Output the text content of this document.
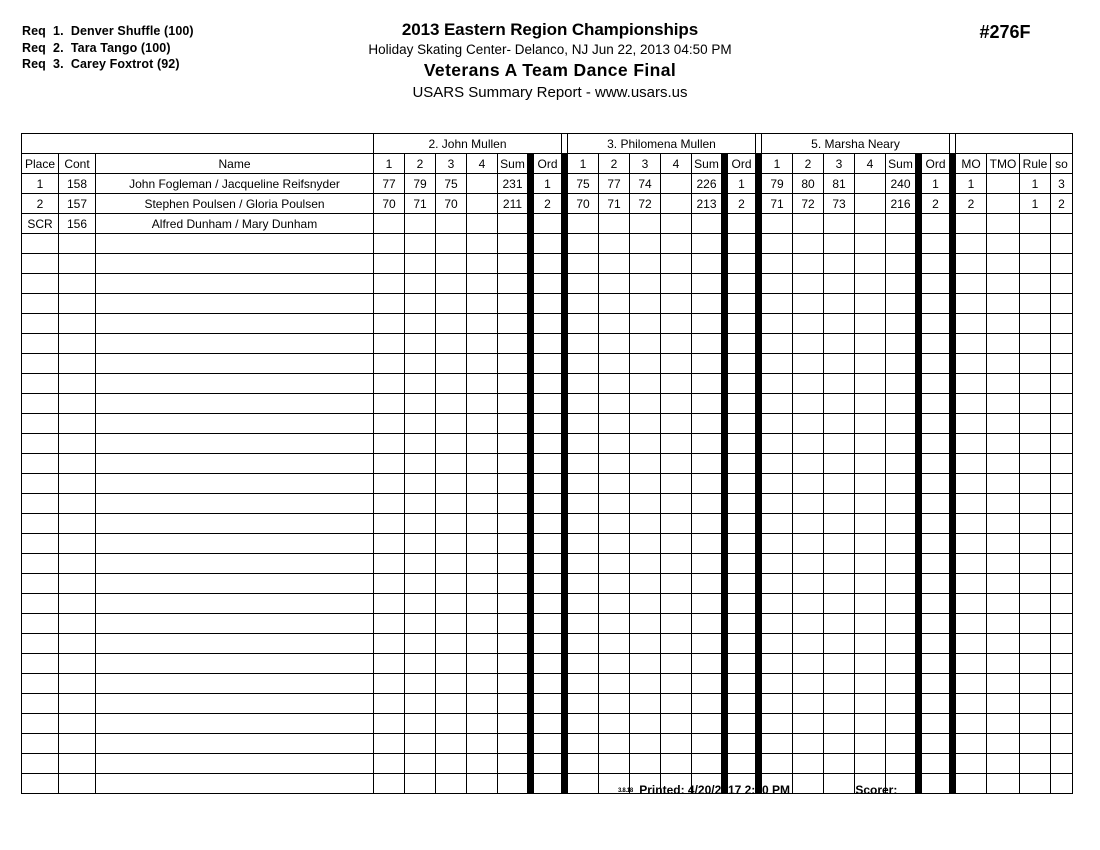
Req  1.  Denver Shuffle (100)
Req  2.  Tara Tango (100)
Req  3.  Carey Foxtrot (92)
2013 Eastern Region Championships
Holiday Skating Center- Delanco, NJ Jun 22, 2013 04:50 PM
Veterans A Team Dance Final
USARS Summary Report - www.usars.us
#276F
			2. John Mullen								3. Philomena Mullen								5. Marsha Neary											
Place	Cont	Name	1	2	3	4	Sum		Ord		1	2	3	4	Sum		Ord		1	2	3	4	Sum		Ord		MO	TMO	Rule	so
1	158	John Fogleman / Jacqueline Reifsnyder	77	79	75		231		1		75	77	74		226		1		79	80	81		240		1		1		1	3
2	157	Stephen Poulsen / Gloria Poulsen	70	71	70		211		2		70	71	72		213		2		71	72	73		216		2		2		1	2
SCR	156	Alfred Dunham / Mary Dunham																												

3.8.18 Printed: 4/20/2017 2:10 PM	Scorer:
